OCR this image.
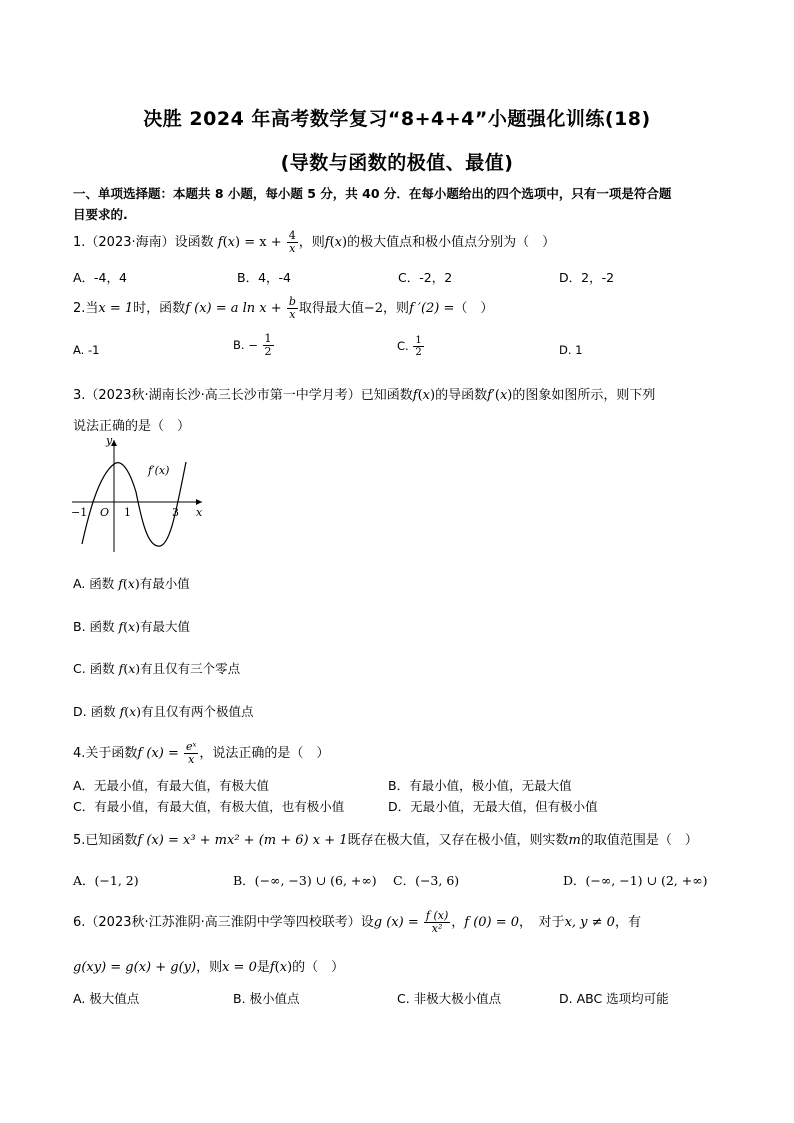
决胜 2024 年高考数学复习“8+4+4”小题强化训练(18)
(导数与函数的极值、最值)
一、单项选择题：本题共 8 小题，每小题 5 分，共 40 分．在每小题给出的四个选项中，只有一项是符合题
目要求的.
1.（2023·海南）设函数 $f(x) = x + \frac{4}{x}$ ，则f(x)的极大值点和极小值点分别为（　）
A．-4，4	B．4，-4	C．-2，2	D．2，-2
2.当x = 1时，函数f (x) = a $\ln x + \frac{b}{x}$ 取得最大值−2，则f ′(2) =（　）
A. -1	B. − $\frac{1}{2}$	C. $\frac{1}{2}$	D. 1
3.（2023秋·湖南长沙·高三长沙市第一中学月考）已知函数f(x)的导函数f′(x)的图象如图所示，则下列
说法正确的是（　）
y
x
O
−1	1	3
f′(x)
A. 函数 f(x)有最小值
B. 函数 f(x)有最大值
C. 函数 f(x)有且仅有三个零点
D. 函数 f(x)有且仅有两个极值点
4.关于函数f $(x) = \frac{\text{eˣ}}{x}$ ，说法正确的是（　）
A．无最小值，有最大值，有极大值	B．有最小值，极小值，无最大值
C．有最小值，有最大值，有极大值，也有极小值	D．无最小值，无最大值，但有极小值
5.已知函数f (x) = x³ + mx² + (m + 6) x + 1既存在极大值，又存在极小值，则实数m的取值范围是（　）
A．(−1, 2)	B．(−∞, −3) ∪ (6, +∞) C．(−3, 6)	D．(−∞, −1) ∪ (2, +∞)
6.（2023秋·江苏淮阴·高三淮阴中学等四校联考）设g $(x) = \frac{f (x)}{\text{x²}}$ ，f (0) = 0，　对于x, y ≠ 0，有
g(xy) = g(x) + g(y)，则x = 0是f(x)的（　）
A. 极大值点	B. 极小值点	C. 非极大极小值点	D. ABC 选项均可能
